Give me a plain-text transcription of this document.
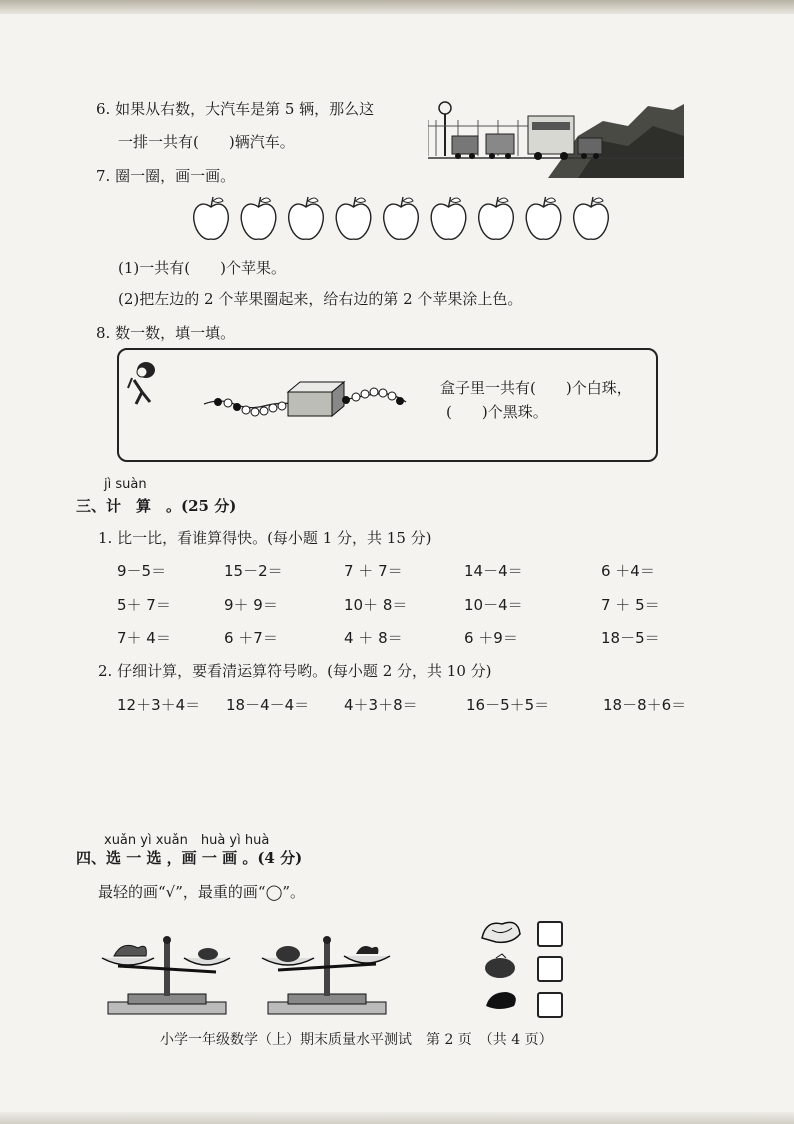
6. 如果从右数，大汽车是第 5 辆，那么这
一排一共有(　　)辆汽车。
7. 圈一圈，画一画。
(1)一共有(　　)个苹果。
(2)把左边的 2 个苹果圈起来，给右边的第 2 个苹果涂上色。
8. 数一数，填一填。
盒子里一共有(　　)个白珠，
(　　)个黑珠。
jì suàn
三、计　算　。(25 分)
1. 比一比，看谁算得快。(每小题 1 分，共 15 分)
9－5＝	15－2＝	7 ＋ 7＝	14－4＝	6 ＋4＝
5＋ 7＝	9＋ 9＝	10＋ 8＝	10－4＝	7 ＋ 5＝
7＋ 4＝	6 ＋7＝	4 ＋ 8＝	6 ＋9＝	18－5＝
2. 仔细计算，要看清运算符号哟。(每小题 2 分，共 10 分)
12＋3＋4＝ 18－4－4＝ 4＋3＋8＝	16－5＋5＝	18－8＋6＝
xuǎn yì xuǎn　huà yì huà
四、选 一 选 ，画 一 画 。(4 分)
最轻的画“√”，最重的画“◯”。
小学一年级数学（上）期末质量水平测试　第 2 页　（共 4 页）
